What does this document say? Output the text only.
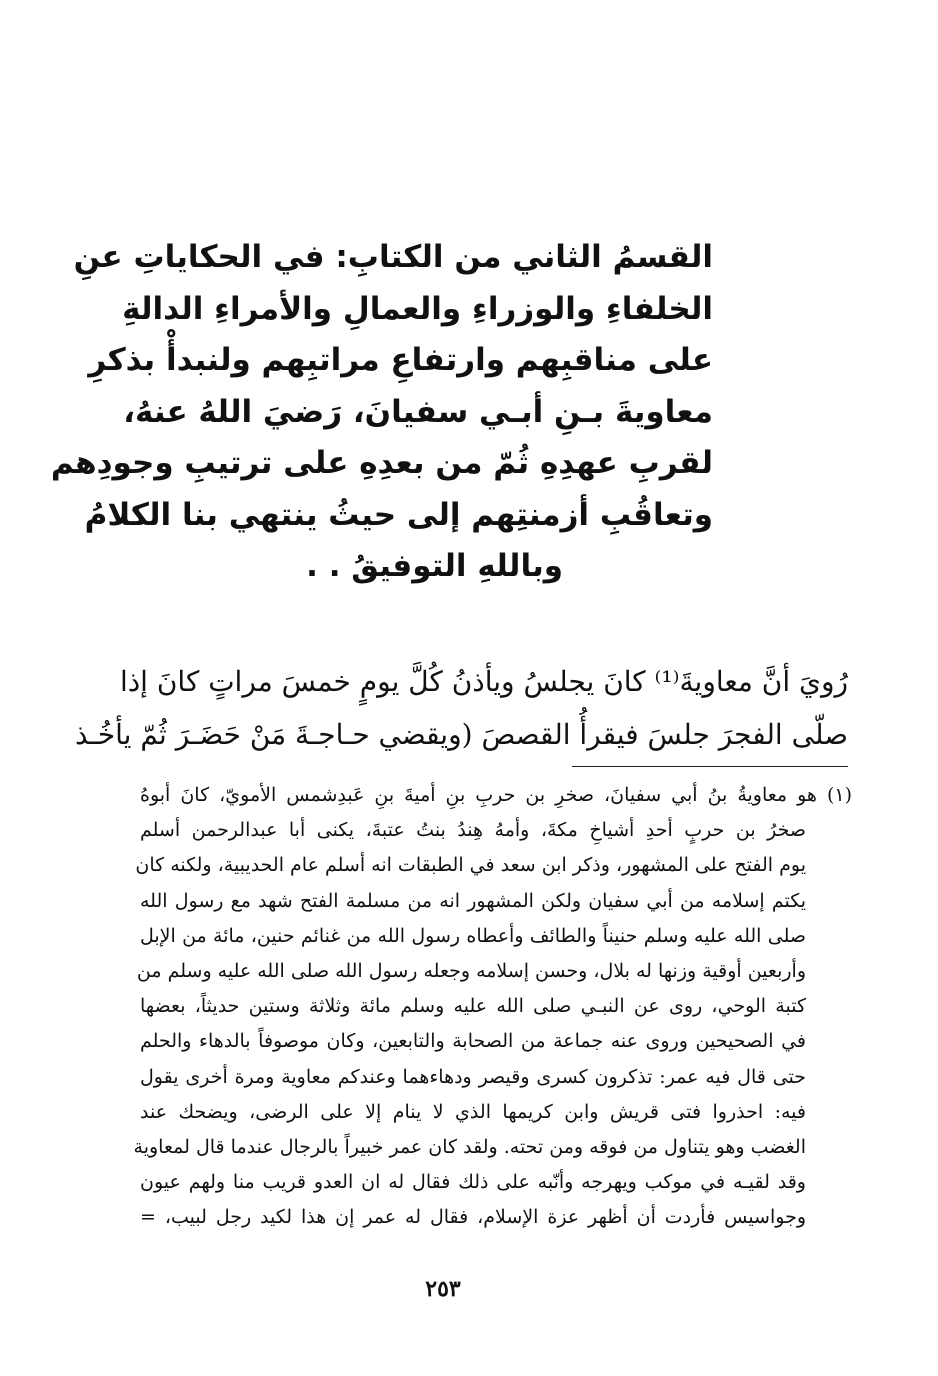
القسمُ الثاني من الكتابِ: في الحكاياتِ عنِ
الخلفاءِ والوزراءِ والعمالِ والأمراءِ الدالةِ
على مناقبِهم وارتفاعِ مراتبِهم ولنبدأْ بذكرِ
معاويةَ بـنِ أبـي سفيانَ، رَضيَ اللهُ عنهُ،
لقربِ عهدِهِ ثُمّ من بعدِهِ على ترتيبِ وجودِهم
وتعاقُبِ أزمنتِهم إلى حيثُ ينتهي بنا الكلامُ
وباللهِ التوفيقُ . .
رُويَ أنَّ معاويةَ⁽¹⁾ كانَ يجلسُ ويأذنُ كُلَّ يومٍ خمسَ مراتٍ كانَ إذا
صلّى الفجرَ جلسَ فيقرأُ القصصَ (ويقضي حـاجـةَ مَنْ حَضَـرَ ثُمّ يأخُـذ
(١) هو معاويةُ بنُ أبي سفيانَ، صخرِ بن حربِ بنِ أميةَ بنِ عَبدِشمس الأمويّ، كانَ أبوهُ
صخرُ بن حربٍ أحدِ أشياخِ مكةَ، وأمهُ هِندُ بنتُ عتبةَ، يكنى أبا عبدالرحمن أسلم
يوم الفتح على المشهور، وذكر ابن سعد في الطبقات انه أسلم عام الحديبية، ولكنه كان
يكتم إسلامه من أبي سفيان ولكن المشهور انه من مسلمة الفتح شهد مع رسول الله
صلى الله عليه وسلم حنيناً والطائف وأعطاه رسول الله من غنائم حنين، مائة من الإبل
وأربعين أوقية وزنها له بلال، وحسن إسلامه وجعله رسول الله صلى الله عليه وسلم من
كتبة الوحي، روى عن النبـي صلى الله عليه وسلم مائة وثلاثة وستين حديثاً، بعضها
في الصحيحين وروى عنه جماعة من الصحابة والتابعين، وكان موصوفاً بالدهاء والحلم
حتى قال فيه عمر: تذكرون كسرى وقيصر ودهاءهما وعندكم معاوية ومرة أخرى يقول
فيه: احذروا فتى قريش وابن كريمها الذي لا ينام إلا على الرضى، ويضحك عند
الغضب وهو يتناول من فوقه ومن تحته. ولقد كان عمر خبيراً بالرجال عندما قال لمعاوية
وقد لقيـه في موكب ويهرجه وأنّبه على ذلك فقال له ان العدو قريب منا ولهم عيون
وجواسيس فأردت أن أظهر عزة الإسلام، فقال له عمر إن هذا لكيد رجل لبيب، =
٢٥٣
